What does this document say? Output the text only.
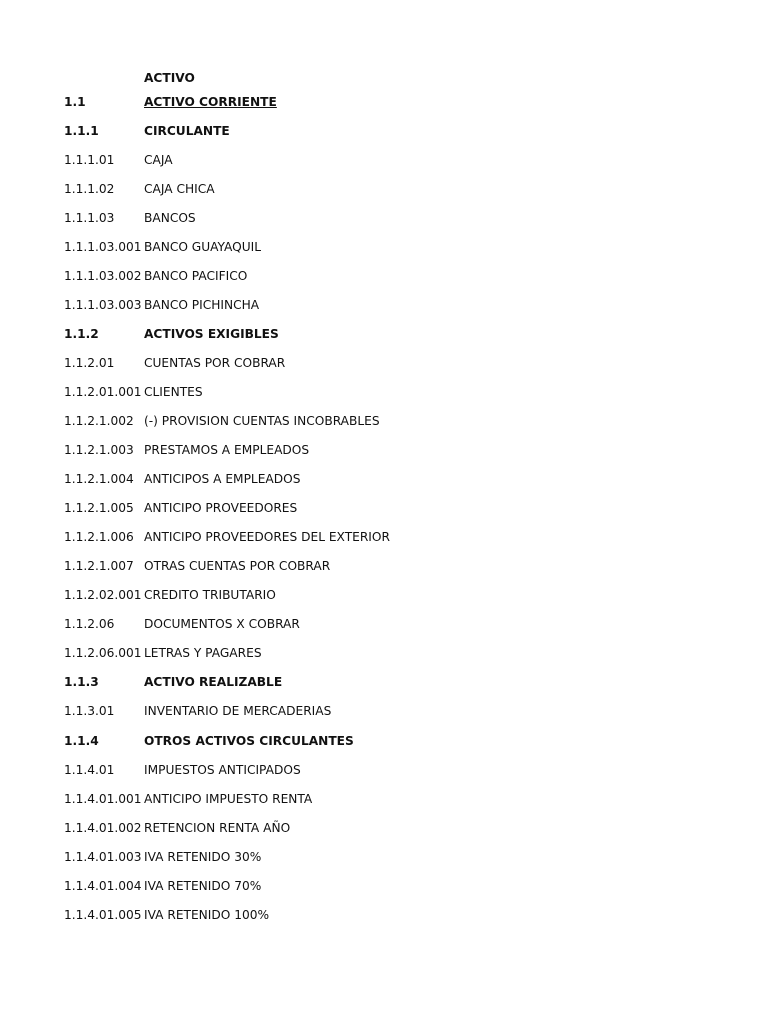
ACTIVO
1.1	ACTIVO CORRIENTE
1.1.1	CIRCULANTE
1.1.1.01	CAJA
1.1.1.02	CAJA CHICA
1.1.1.03	BANCOS
1.1.1.03.001 BANCO GUAYAQUIL
1.1.1.03.002 BANCO PACIFICO
1.1.1.03.003 BANCO PICHINCHA
1.1.2	ACTIVOS EXIGIBLES
1.1.2.01	CUENTAS POR COBRAR
1.1.2.01.001 CLIENTES
1.1.2.1.002 (-) PROVISION CUENTAS INCOBRABLES
1.1.2.1.003 PRESTAMOS A EMPLEADOS
1.1.2.1.004 ANTICIPOS A EMPLEADOS
1.1.2.1.005 ANTICIPO PROVEEDORES
1.1.2.1.006 ANTICIPO PROVEEDORES DEL EXTERIOR
1.1.2.1.007 OTRAS CUENTAS POR COBRAR
1.1.2.02.001 CREDITO TRIBUTARIO
1.1.2.06	DOCUMENTOS X COBRAR
1.1.2.06.001 LETRAS Y PAGARES
1.1.3	ACTIVO REALIZABLE
1.1.3.01	INVENTARIO DE MERCADERIAS
1.1.4	OTROS ACTIVOS CIRCULANTES
1.1.4.01	IMPUESTOS ANTICIPADOS
1.1.4.01.001 ANTICIPO IMPUESTO RENTA
1.1.4.01.002 RETENCION RENTA AÑO
1.1.4.01.003 IVA RETENIDO 30%
1.1.4.01.004 IVA RETENIDO 70%
1.1.4.01.005 IVA RETENIDO 100%
